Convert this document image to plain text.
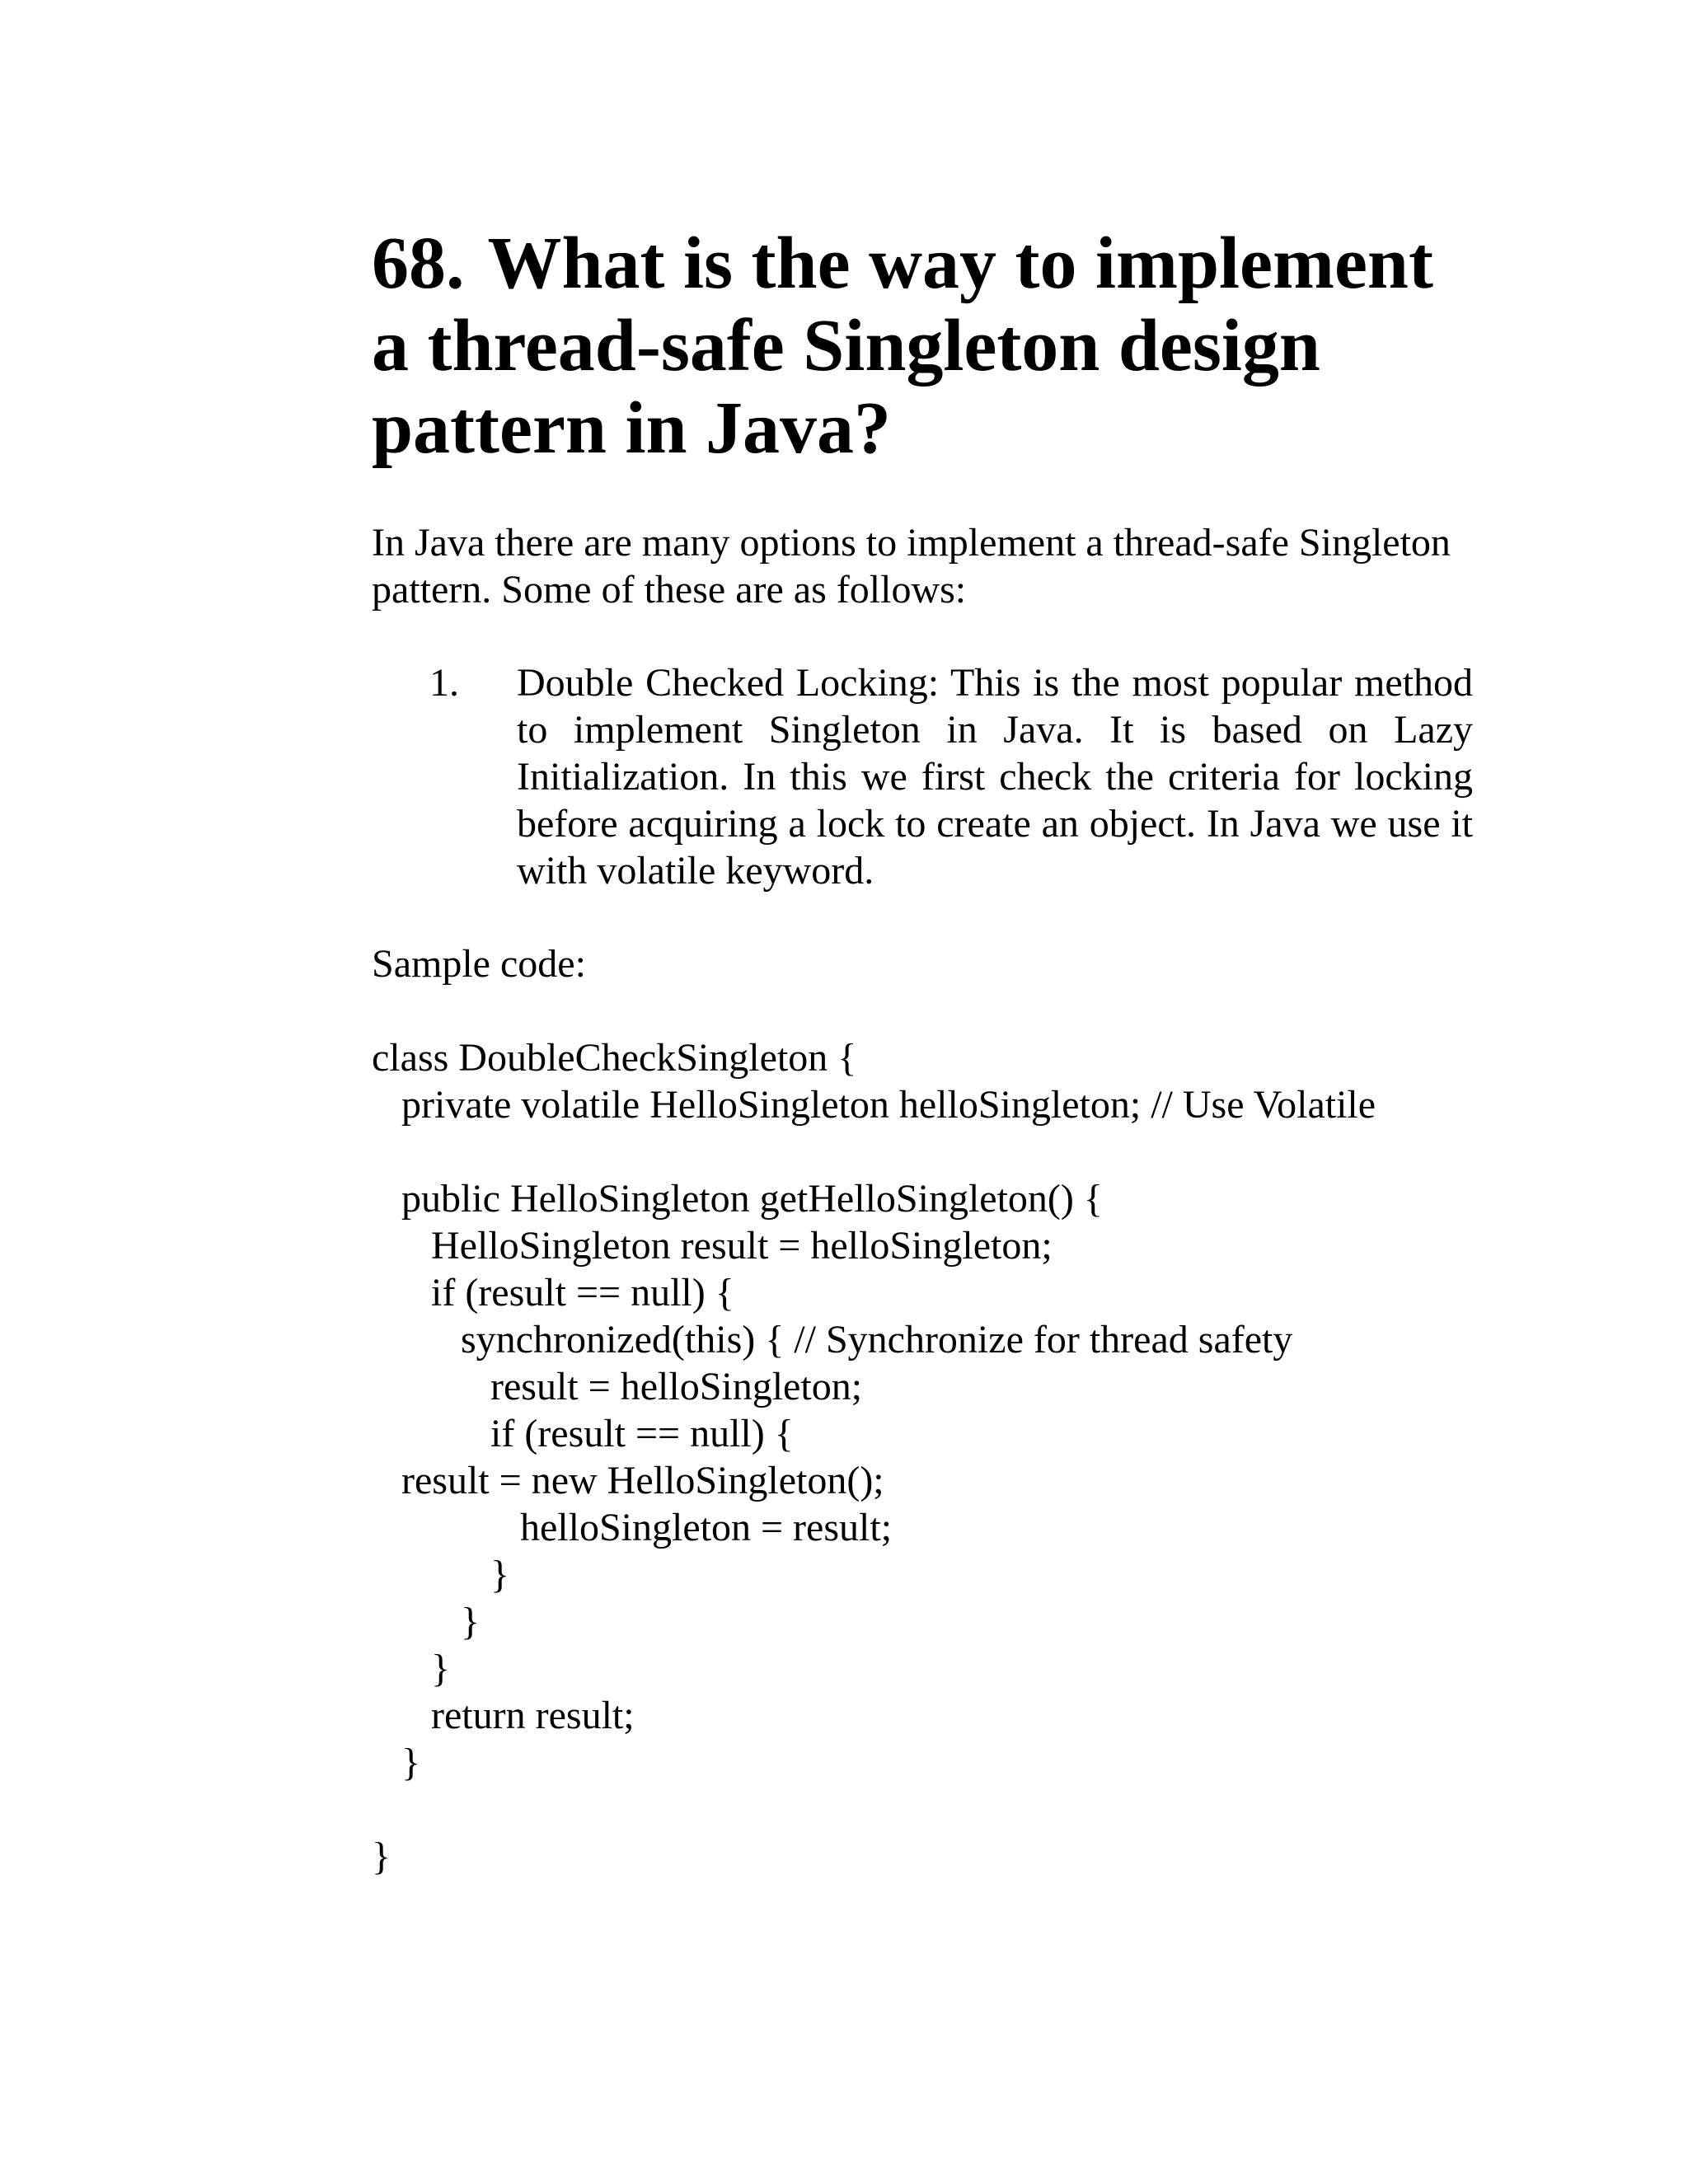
68. What is the way to implement a thread-safe Singleton design pattern in Java?

In Java there are many options to implement a thread-safe Singleton pattern. Some of these are as follows:

1. Double Checked Locking: This is the most popular method to implement Singleton in Java. It is based on Lazy Initialization. In this we first check the criteria for locking before acquiring a lock to create an object. In Java we use it with volatile keyword.

Sample code:

class DoubleCheckSingleton {
private volatile HelloSingleton helloSingleton; // Use Volatile
public HelloSingleton getHelloSingleton() {
HelloSingleton result = helloSingleton;
if (result == null) {
synchronized(this) { // Synchronize for thread safety
result = helloSingleton;
if (result == null) {
result = new HelloSingleton();
helloSingleton = result;
}
}
}
return result;
}
}
